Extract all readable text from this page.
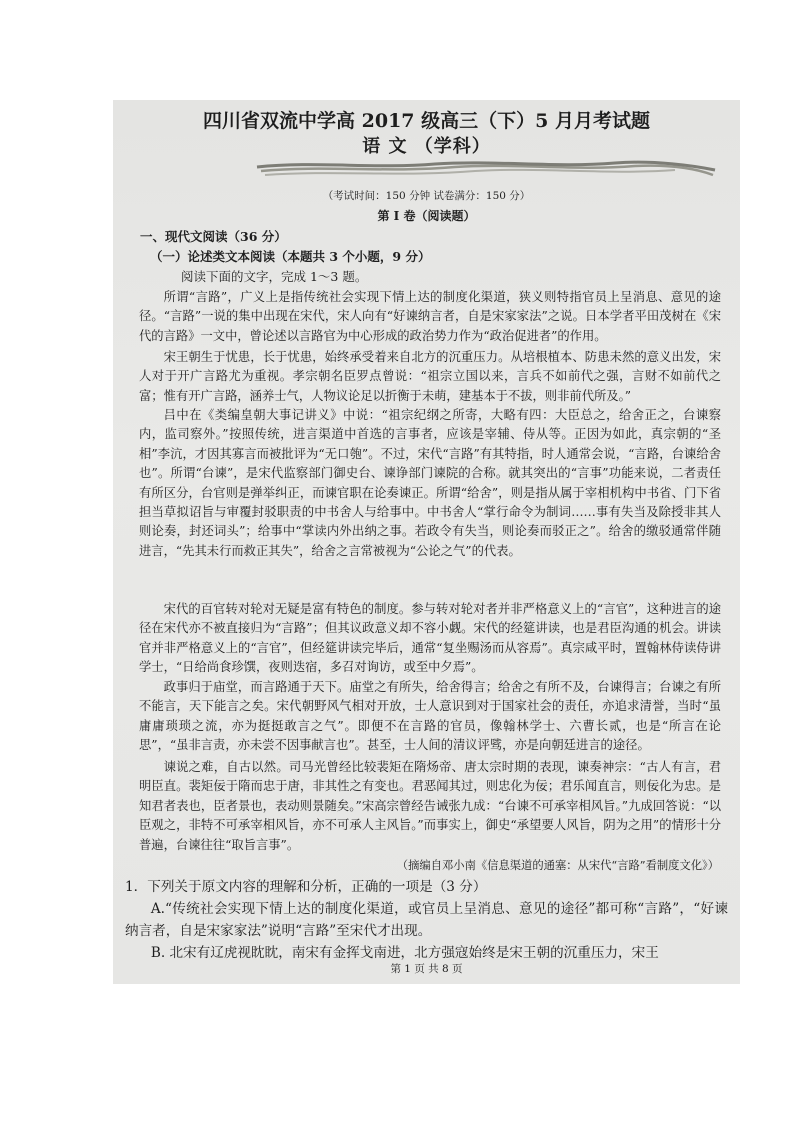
四川省双流中学高 2017 级高三（下）5 月月考试题
语 文 （学科）
（考试时间：150 分钟 试卷满分：150 分）
第 Ⅰ 卷（阅读题）
一、现代文阅读（36 分）
（一）论述类文本阅读（本题共 3 个小题，9 分）
阅读下面的文字，完成 1～3 题。

所谓“言路”，广义上是指传统社会实现下情上达的制度化渠道，狭义则特指官员上呈消息、意见的途径。“言路”一说的集中出现在宋代，宋人向有“好谏纳言者，自是宋家家法”之说。日本学者平田茂树在《宋代的言路》一文中，曾论述以言路官为中心形成的政治势力作为“政治促进者”的作用。

宋王朝生于忧患，长于忧患，始终承受着来自北方的沉重压力。从培根植本、防患未然的意义出发，宋人对于开广言路尤为重视。孝宗朝名臣罗点曾说：“祖宗立国以来，言兵不如前代之强，言财不如前代之富；惟有开广言路，涵养士气，人物议论足以折衡于未萌，建基本于不拔，则非前代所及。”

吕中在《类编皇朝大事记讲义》中说：“祖宗纪纲之所寄，大略有四：大臣总之，给舍正之，台谏察内，监司察外。”按照传统，进言渠道中首选的言事者，应该是宰辅、侍从等。正因为如此，真宗朝的“圣相”李沆，才因其寡言而被批评为“无口匏”。不过，宋代“言路”有其特指，时人通常会说，“言路，台谏给舍也”。所谓“台谏”，是宋代监察部门御史台、谏诤部门谏院的合称。就其突出的“言事”功能来说，二者责任有所区分，台官则是弹举纠正，而谏官职在论奏谏正。所谓“给舍”，则是指从属于宰相机构中书省、门下省担当草拟诏旨与审覆封驳职责的中书舍人与给事中。中书舍人“掌行命令为制词……事有失当及除授非其人则论奏，封还词头”；给事中“掌读内外出纳之事。若政令有失当，则论奏而驳正之”。给舍的缴驳通常伴随进言，“先其未行而救正其失”，给舍之言常被视为“公论之气”的代表。

宋代的百官转对轮对无疑是富有特色的制度。参与转对轮对者并非严格意义上的“言官”，这种进言的途径在宋代亦不被直接归为“言路”；但其议政意义却不容小觑。宋代的经筵讲读，也是君臣沟通的机会。讲读官并非严格意义上的“言官”，但经筵讲读完毕后，通常“复坐赐汤而从容焉”。真宗咸平时，置翰林侍读侍讲学士，“日给尚食珍馔，夜则迭宿，多召对询访，或至中夕焉”。

政事归于庙堂，而言路通于天下。庙堂之有所失，给舍得言；给舍之有所不及，台谏得言；台谏之有所不能言，天下能言之矣。宋代朝野风气相对开放，士人意识到对于国家社会的责任，亦追求清誉，当时“虽庸庸琐琐之流，亦为挺挺敢言之气”。即便不在言路的官员，像翰林学士、六曹长贰，也是“所言在论思”，“虽非言责，亦未尝不因事献言也”。甚至，士人间的清议评骘，亦是向朝廷进言的途径。

谏说之难，自古以然。司马光曾经比较裴矩在隋炀帝、唐太宗时期的表现，谏奏神宗：“古人有言，君明臣直。裴矩佞于隋而忠于唐，非其性之有变也。君恶闻其过，则忠化为佞；君乐闻直言，则佞化为忠。是知君者表也，臣者景也，表动则景随矣。”宋高宗曾经告诫张九成：“台谏不可承宰相风旨。”九成回答说：“以臣观之，非特不可承宰相风旨，亦不可承人主风旨。”而事实上，御史“承望要人风旨，阴为之用”的情形十分普遍，台谏往往“取旨言事”。

（摘编自邓小南《信息渠道的通塞：从宋代“言路”看制度文化》）

1．下列关于原文内容的理解和分析，正确的一项是（3 分）

A.“传统社会实现下情上达的制度化渠道，或官员上呈消息、意见的途径”都可称“言路”，“好谏纳言者，自是宋家家法”说明“言路”至宋代才出现。

B. 北宋有辽虎视眈眈，南宋有金挥戈南进，北方强寇始终是宋王朝的沉重压力，宋王

第 1 页 共 8 页
